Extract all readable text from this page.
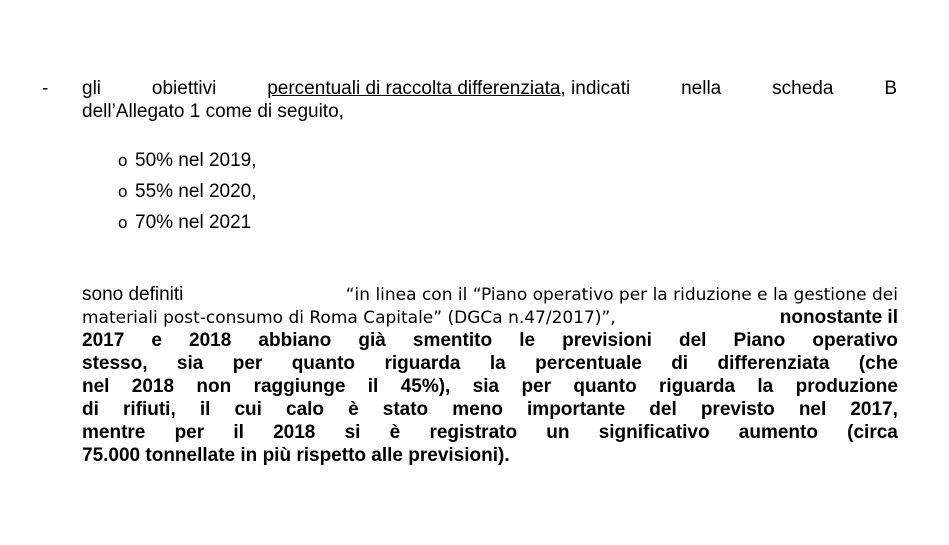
- gli	obiettivi	percentuali di raccolta differenziata, indicati	nella	scheda	B
dell’Allegato 1 come di seguito,
o 50% nel 2019,
o 55% nel 2020,
o 70% nel 2021
sono definiti	“in linea con il “Piano operativo per la riduzione e la gestione dei
materiali post-consumo di Roma Capitale” (DGCa n.47/2017)”,	nonostante il
2017 e 2018 abbiano già smentito le previsioni del Piano operativo
stesso, sia per quanto riguarda la percentuale di differenziata (che
nel 2018 non raggiunge il 45%), sia per quanto riguarda la produzione
di rifiuti, il cui calo è stato meno importante del previsto nel 2017,
mentre per il 2018 si è registrato un significativo aumento (circa
75.000 tonnellate in più rispetto alle previsioni).
